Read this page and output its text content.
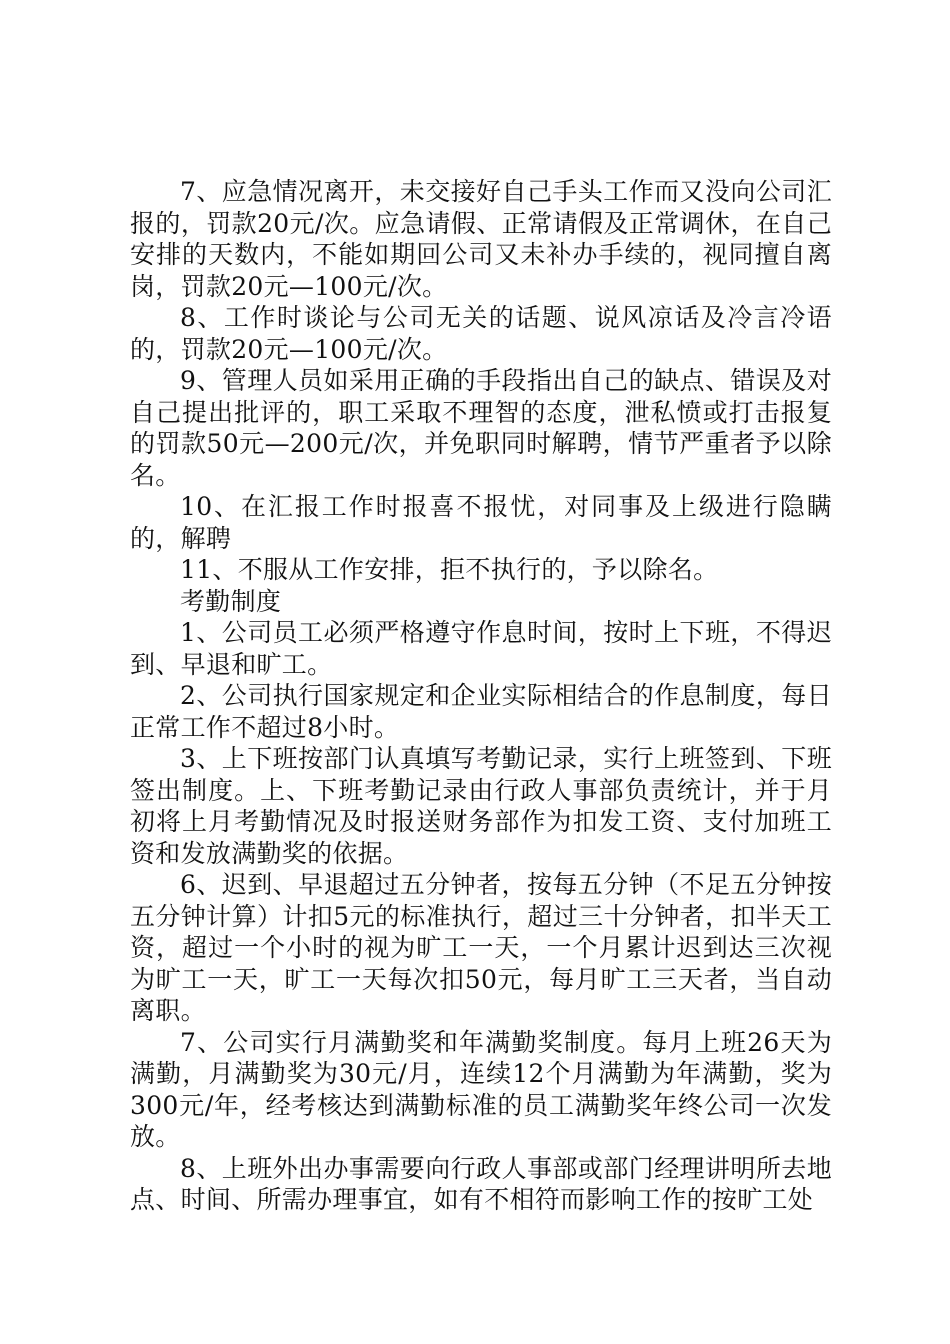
7、应急情况离开，未交接好自己手头工作而又没向公司汇报的，罚款20元/次。应急请假、正常请假及正常调休，在自己安排的天数内，不能如期回公司又未补办手续的，视同擅自离岗，罚款20元—100元/次。

8、工作时谈论与公司无关的话题、说风凉话及冷言冷语的，罚款20元—100元/次。

9、管理人员如采用正确的手段指出自己的缺点、错误及对自己提出批评的，职工采取不理智的态度，泄私愤或打击报复的罚款50元—200元/次，并免职同时解聘，情节严重者予以除名。

10、在汇报工作时报喜不报忧，对同事及上级进行隐瞒的，解聘

11、不服从工作安排，拒不执行的，予以除名。

考勤制度

1、公司员工必须严格遵守作息时间，按时上下班，不得迟到、早退和旷工。

2、公司执行国家规定和企业实际相结合的作息制度，每日正常工作不超过8小时。

3、上下班按部门认真填写考勤记录，实行上班签到、下班签出制度。上、下班考勤记录由行政人事部负责统计，并于月初将上月考勤情况及时报送财务部作为扣发工资、支付加班工资和发放满勤奖的依据。

6、迟到、早退超过五分钟者，按每五分钟（不足五分钟按五分钟计算）计扣5元的标准执行，超过三十分钟者，扣半天工资，超过一个小时的视为旷工一天，一个月累计迟到达三次视为旷工一天，旷工一天每次扣50元，每月旷工三天者，当自动离职。

7、公司实行月满勤奖和年满勤奖制度。每月上班26天为满勤，月满勤奖为30元/月，连续12个月满勤为年满勤，奖为300元/年，经考核达到满勤标准的员工满勤奖年终公司一次发放。

8、上班外出办事需要向行政人事部或部门经理讲明所去地点、时间、所需办理事宜，如有不相符而影响工作的按旷工处
